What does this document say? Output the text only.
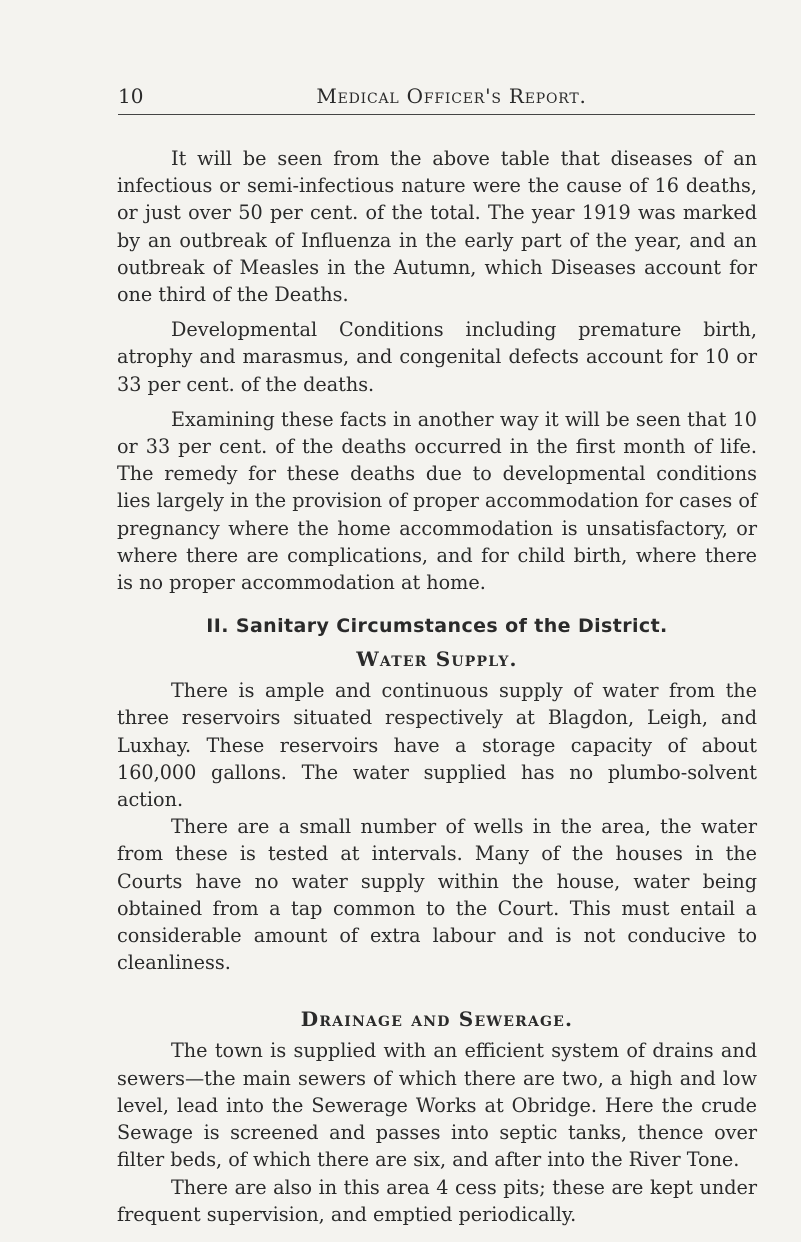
10	Medical Officer's Report.

It will be seen from the above table that diseases of an infectious or semi-infectious nature were the cause of 16 deaths, or just over 50 per cent. of the total. The year 1919 was marked by an outbreak of Influenza in the early part of the year, and an outbreak of Measles in the Autumn, which Diseases account for one third of the Deaths.

Developmental Conditions including premature birth, atrophy and marasmus, and congenital defects account for 10 or 33 per cent. of the deaths.

Examining these facts in another way it will be seen that 10 or 33 per cent. of the deaths occurred in the first month of life. The remedy for these deaths due to developmental conditions lies largely in the provision of proper accommodation for cases of pregnancy where the home accommodation is unsatisfactory, or where there are complications, and for child birth, where there is no proper accommodation at home.

II. Sanitary Circumstances of the District.
Water Supply.

There is ample and continuous supply of water from the three reservoirs situated respectively at Blagdon, Leigh, and Luxhay. These reservoirs have a storage capacity of about 160,000 gallons. The water supplied has no plumbo-solvent action.

There are a small number of wells in the area, the water from these is tested at intervals. Many of the houses in the Courts have no water supply within the house, water being obtained from a tap common to the Court. This must entail a considerable amount of extra labour and is not conducive to cleanliness.

Drainage and Sewerage.

The town is supplied with an efficient system of drains and sewers—the main sewers of which there are two, a high and low level, lead into the Sewerage Works at Obridge. Here the crude Sewage is screened and passes into septic tanks, thence over filter beds, of which there are six, and after into the River Tone.

There are also in this area 4 cess pits; these are kept under frequent supervision, and emptied periodically.
